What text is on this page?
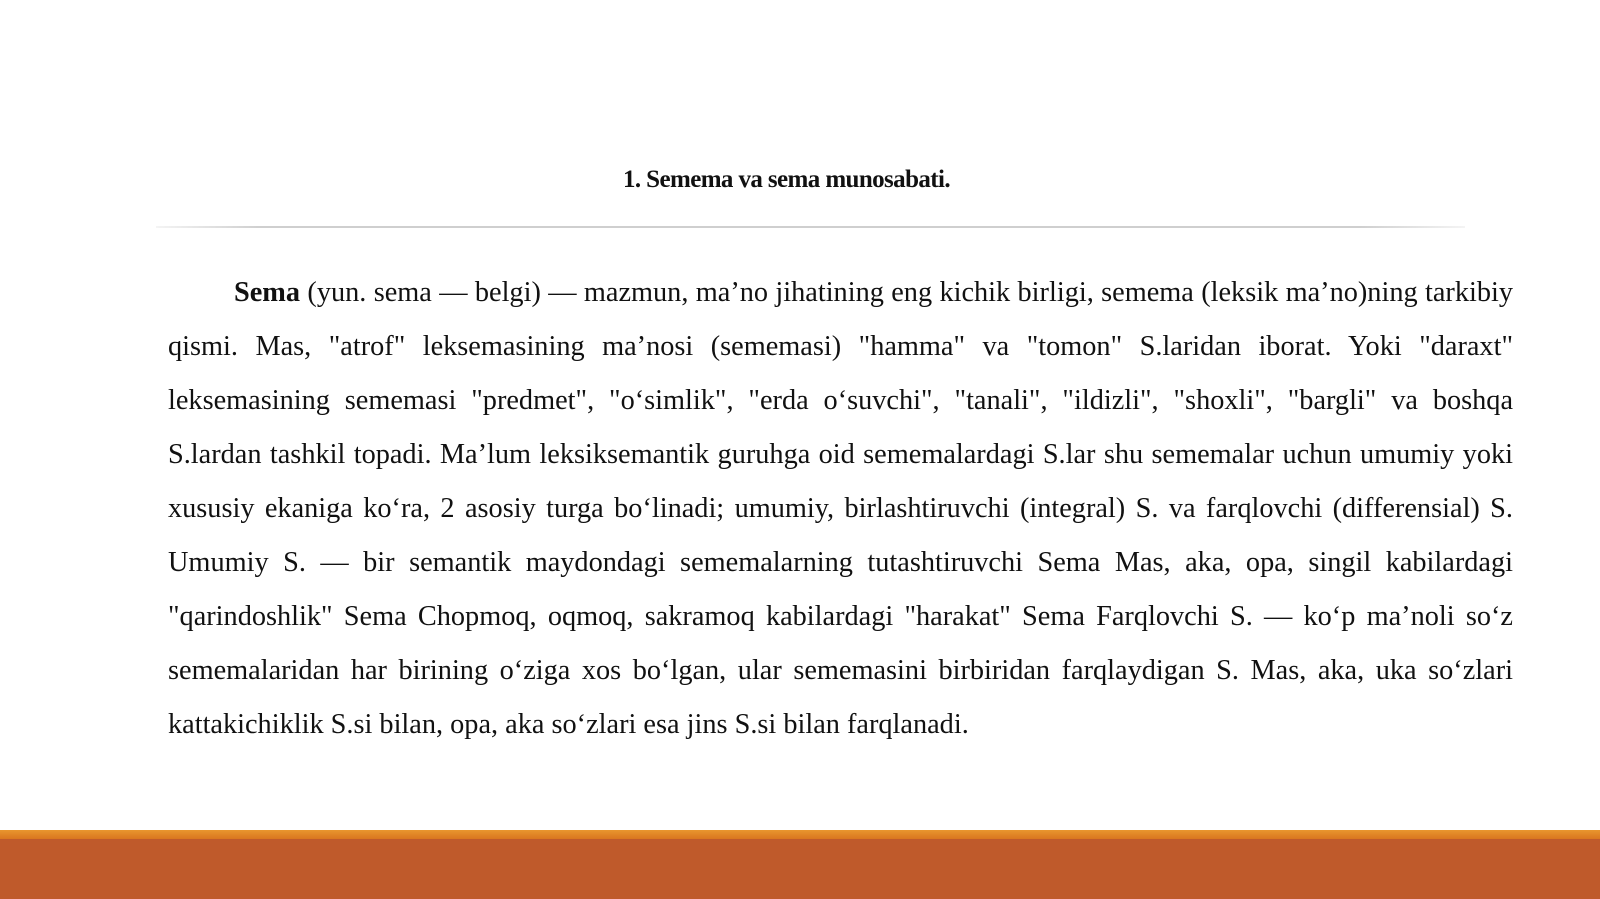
1. Semema va sema munosabati.

Sema (yun. sema — belgi) — mazmun, ma’no jihatining eng kichik birligi, semema (leksik ma’no)ning tarkibiy qismi. Mas, "atrof" leksemasining ma’nosi (sememasi) "hamma" va "tomon" S.laridan iborat. Yoki "daraxt" leksemasining sememasi "predmet", "o‘simlik", "erda o‘suvchi", "tanali", "ildizli", "shoxli", "bargli" va boshqa S.lardan tashkil topadi. Ma’lum leksiksemantik guruhga oid sememalardagi S.lar shu sememalar uchun umumiy yoki xususiy ekaniga ko‘ra, 2 asosiy turga bo‘linadi; umumiy, birlashtiruvchi (integral) S. va farqlovchi (differensial) S. Umumiy S. — bir semantik maydondagi sememalarning tutashtiruvchi Sema Mas, aka, opa, singil kabilardagi "qarindoshlik" Sema Chopmoq, oqmoq, sakramoq kabilardagi "harakat" Sema Farqlovchi S. — ko‘p ma’noli so‘z sememalaridan har birining o‘ziga xos bo‘lgan, ular sememasini birbiridan farqlaydigan S. Mas, aka, uka so‘zlari kattakichiklik S.si bilan, opa, aka so‘zlari esa jins S.si bilan farqlanadi.
